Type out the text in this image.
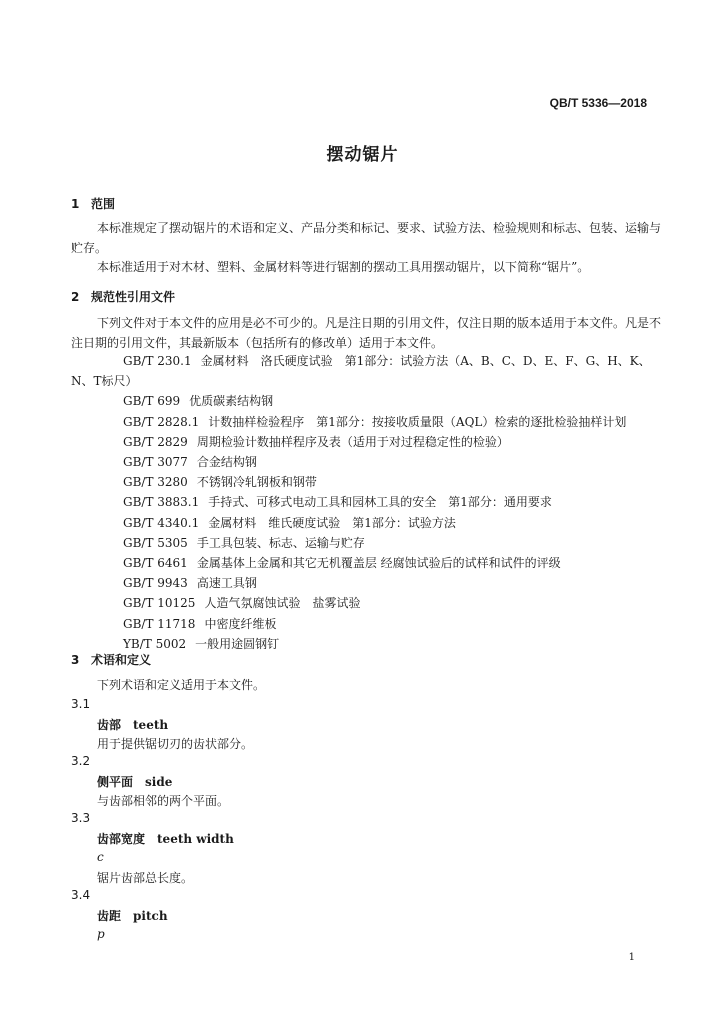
QB/T 5336—2018
摆动锯片
1 范围

本标准规定了摆动锯片的术语和定义、产品分类和标记、要求、试验方法、检验规则和标志、包装、运输与贮存。

本标准适用于对木材、塑料、金属材料等进行锯割的摆动工具用摆动锯片，以下简称“锯片”。

2 规范性引用文件

下列文件对于本文件的应用是必不可少的。凡是注日期的引用文件，仅注日期的版本适用于本文件。凡是不注日期的引用文件，其最新版本（包括所有的修改单）适用于本文件。

GB/T 230.1 金属材料　洛氏硬度试验　第1部分：试验方法（A、B、C、D、E、F、G、H、K、N、T标尺）
GB/T 699 优质碳素结构钢
GB/T 2828.1 计数抽样检验程序　第1部分：按接收质量限（AQL）检索的逐批检验抽样计划
GB/T 2829 周期检验计数抽样程序及表（适用于对过程稳定性的检验）
GB/T 3077 合金结构钢
GB/T 3280 不锈钢冷轧钢板和钢带
GB/T 3883.1 手持式、可移式电动工具和园林工具的安全　第1部分：通用要求
GB/T 4340.1 金属材料　维氏硬度试验　第1部分：试验方法
GB/T 5305 手工具包装、标志、运输与贮存
GB/T 6461 金属基体上金属和其它无机覆盖层 经腐蚀试验后的试样和试件的评级
GB/T 9943 高速工具钢
GB/T 10125 人造气氛腐蚀试验　盐雾试验
GB/T 11718 中密度纤维板
YB/T 5002 一般用途圆钢钉
3 术语和定义

下列术语和定义适用于本文件。

3.1
齿部 teeth
用于提供锯切刃的齿状部分。
3.2
侧平面 side
与齿部相邻的两个平面。
3.3
齿部宽度 teeth width
c
锯片齿部总长度。
3.4
齿距 pitch
p
1
